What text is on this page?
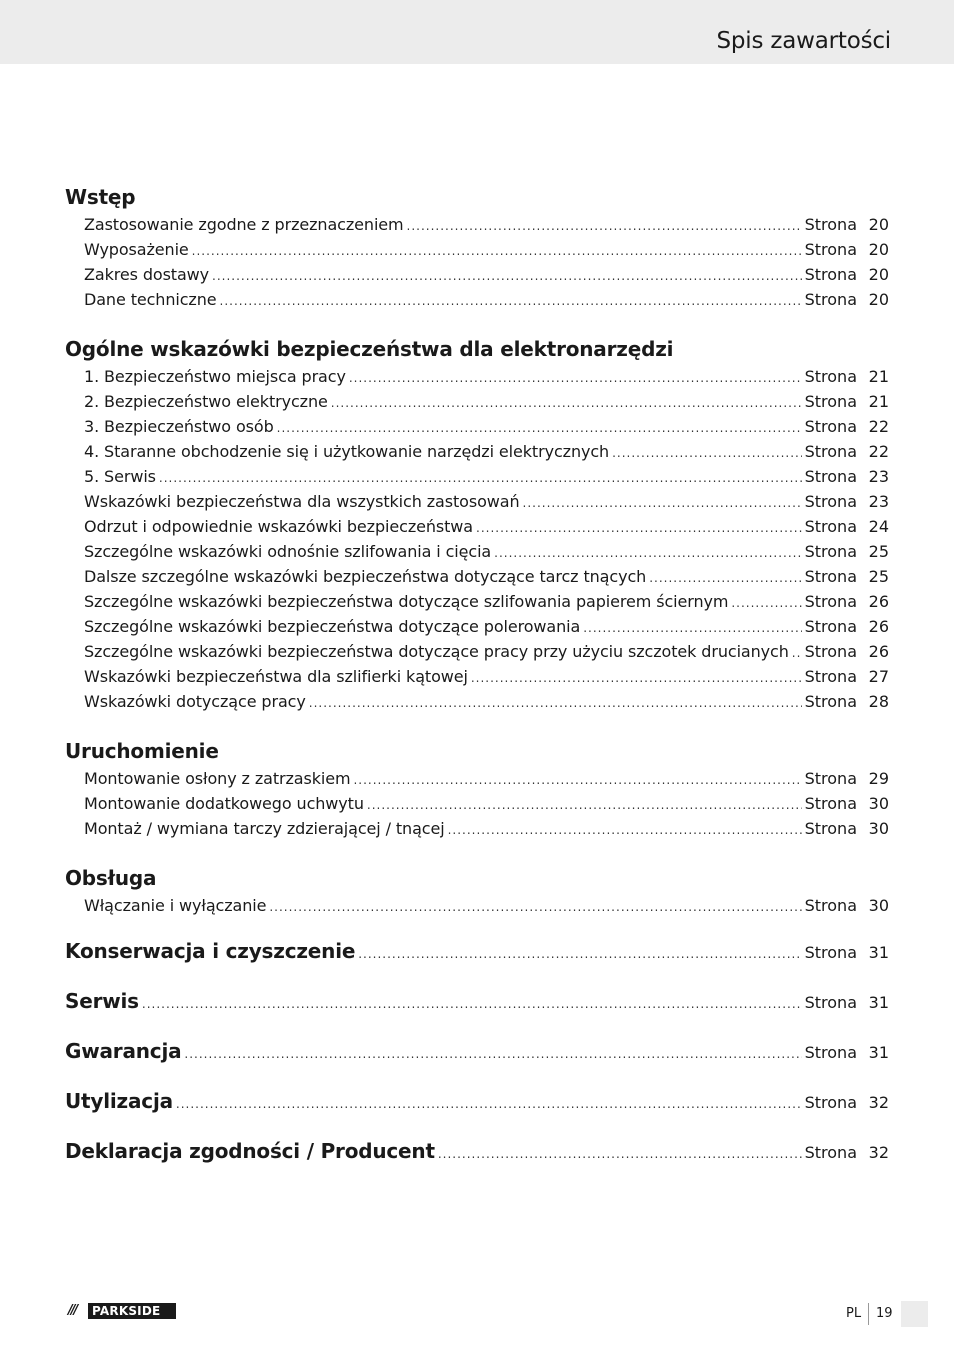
Spis zawartości
Wstęp
Zastosowanie zgodne z przeznaczeniem .....	Strona 20
Wyposażenie .....	Strona 20
Zakres dostawy .....	Strona 20
Dane techniczne .....	Strona 20
Ogólne wskazówki bezpieczeństwa dla elektronarzędzi
1. Bezpieczeństwo miejsca pracy .....	Strona 21
2. Bezpieczeństwo elektryczne .....	Strona 21
3. Bezpieczeństwo osób .....	Strona 22
4. Staranne obchodzenie się i użytkowanie narzędzi elektrycznych .....	Strona 22
5. Serwis .....	Strona 23
Wskazówki bezpieczeństwa dla wszystkich zastosowań .....	Strona 23
Odrzut i odpowiednie wskazówki bezpieczeństwa .....	Strona 24
Szczególne wskazówki odnośnie szlifowania i cięcia .....	Strona 25
Dalsze szczególne wskazówki bezpieczeństwa dotyczące tarcz tnących .....	Strona 25
Szczególne wskazówki bezpieczeństwa dotyczące szlifowania papierem ściernym .....	Strona 26
Szczególne wskazówki bezpieczeństwa dotyczące polerowania .....	Strona 26
Szczególne wskazówki bezpieczeństwa dotyczące pracy przy użyciu szczotek drucianych ..... Strona 26
Wskazówki bezpieczeństwa dla szlifierki kątowej .....	Strona 27
Wskazówki dotyczące pracy .....	Strona 28
Uruchomienie
Montowanie osłony z zatrzaskiem .....	Strona 29
Montowanie dodatkowego uchwytu .....	Strona 30
Montaż / wymiana tarczy zdzierającej / tnącej .....	Strona 30
Obsługa
Włączanie i wyłączanie .....	Strona 30
Konserwacja i czyszczenie .....	Strona 31
Serwis .....	Strona 31
Gwarancja .....	Strona 31
Utylizacja .....	Strona 32
Deklaracja zgodności / Producent .....	Strona 32
///	PARKSIDE	PL 19
